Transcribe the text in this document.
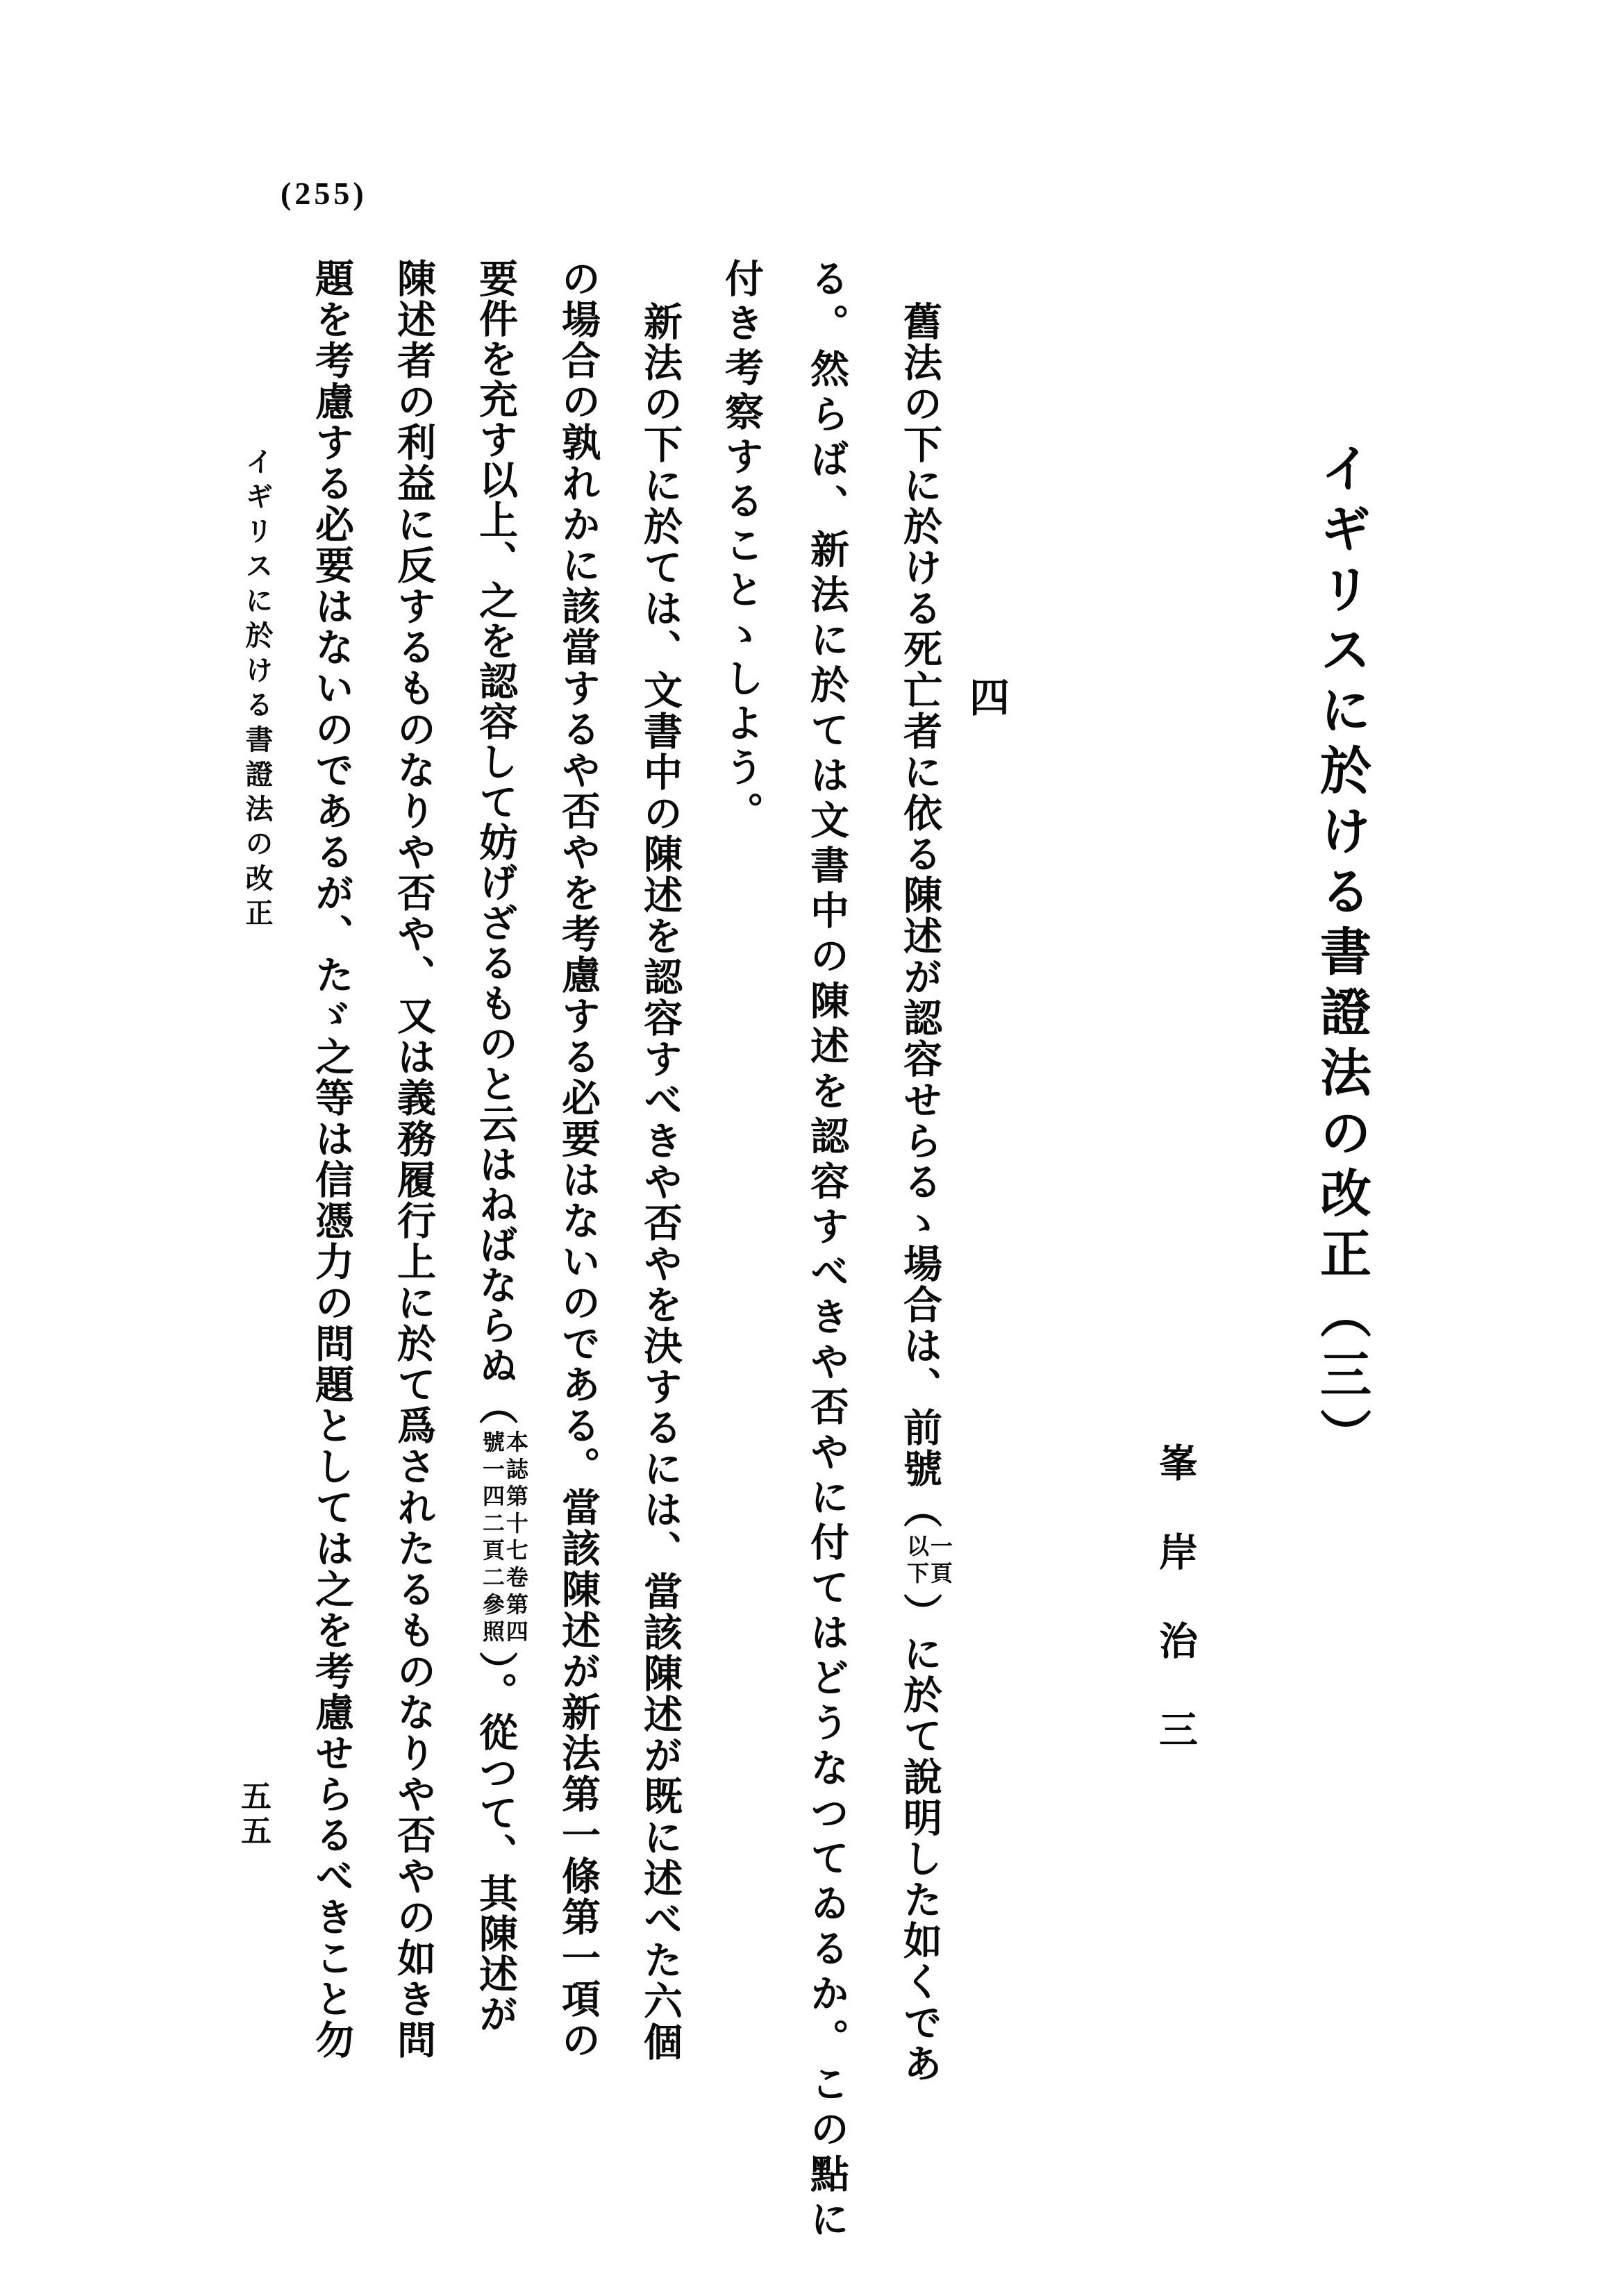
(255)
イギリスに於ける書證法の改正（三）
四
峯岸治三
イギリスに於ける書證法の改正
五五
舊法の下に於ける死亡者に依る陳述が認容せらるゝ場合は、前號（
一頁
以下
）に於て說明した如くであ
る。然らば、新法に於ては文書中の陳述を認容すべきや否やに付てはどうなつてゐるか。この點に
付き考察することゝしよう。
新法の下に於ては、文書中の陳述を認容すべきや否やを決するには、當該陳述が既に述べた六個
の場合の孰れかに該當するや否やを考慮する必要はないのである。當該陳述が新法第一條第一項の
要件を充す以上、之を認容して妨げざるものと云はねばならぬ（
本誌第十七卷第四
號一四二頁二參照
）。從つて、其陳述が
陳述者の利益に反するものなりや否や、又は義務履行上に於て爲されたるものなりや否やの如き問
題を考慮する必要はないのであるが、たゞ之等は信憑力の問題としては之を考慮せらるべきこと勿
